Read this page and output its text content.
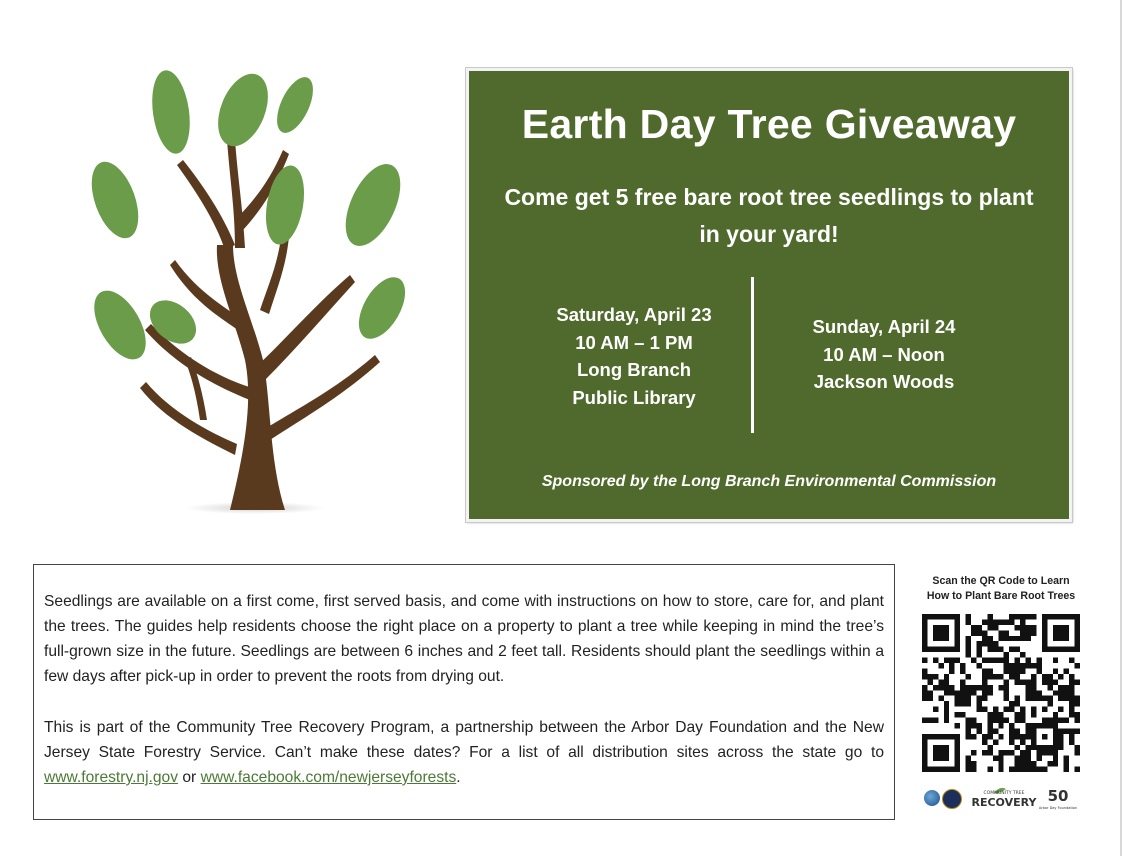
Earth Day Tree Giveaway
Come get 5 free bare root tree seedlings to plant in your yard!
Saturday, April 23
10 AM – 1 PM
Long Branch
Public Library
Sunday, April 24
10 AM – Noon
Jackson Woods
Sponsored by the Long Branch Environmental Commission

Seedlings are available on a first come, first served basis, and come with instructions on how to store, care for, and plant the trees. The guides help residents choose the right place on a property to plant a tree while keeping in mind the tree’s full-grown size in the future. Seedlings are between 6 inches and 2 feet tall. Residents should plant the seedlings within a few days after pick-up in order to prevent the roots from drying out.

This is part of the Community Tree Recovery Program, a partnership between the Arbor Day Foundation and the New Jersey State Forestry Service. Can’t make these dates? For a list of all distribution sites across the state go to www.forestry.nj.gov or www.facebook.com/newjerseyforests.

Scan the QR Code to Learn
How to Plant Bare Root Trees
COMMUNITY TREE
RECOVERY 50
Arbor Day Foundation
